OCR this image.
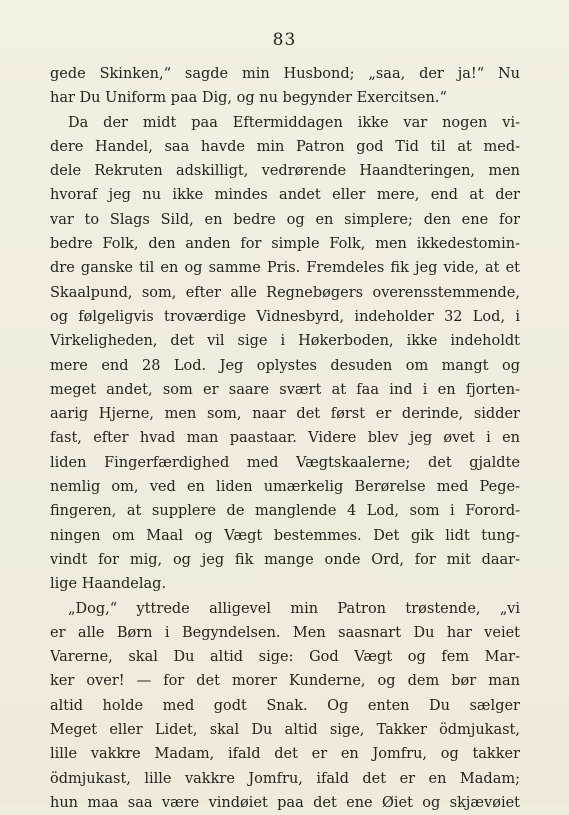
83
gede Skinken,“ sagde min Husbond; „saa, der ja!“ Nu
har Du Uniform paa Dig, og nu begynder Exercitsen.“
Da der midt paa Eftermiddagen ikke var nogen vi-
dere Handel, saa havde min Patron god Tid til at med-
dele Rekruten adskilligt, vedrørende Haandteringen, men
hvoraf jeg nu ikke mindes andet eller mere, end at der
var to Slags Sild, en bedre og en simplere; den ene for
bedre Folk, den anden for simple Folk, men ikkedestomin-
dre ganske til en og samme Pris. Fremdeles fik jeg vide, at et
Skaalpund, som, efter alle Regnebøgers overensstemmende,
og følgeligvis troværdige Vidnesbyrd, indeholder 32 Lod, i
Virkeligheden, det vil sige i Høkerboden, ikke indeholdt
mere end 28 Lod. Jeg oplystes desuden om mangt og
meget andet, som er saare svært at faa ind i en fjorten-
aarig Hjerne, men som, naar det først er derinde, sidder
fast, efter hvad man paastaar. Videre blev jeg øvet i en
liden Fingerfærdighed med Vægtskaalerne; det gjaldte
nemlig om, ved en liden umærkelig Berørelse med Pege-
fingeren, at supplere de manglende 4 Lod, som i Forord-
ningen om Maal og Vægt bestemmes. Det gik lidt tung-
vindt for mig, og jeg fik mange onde Ord, for mit daar-
lige Haandelag.
„Dog,“ yttrede alligevel min Patron trøstende, „vi
er alle Børn i Begyndelsen. Men saasnart Du har veiet
Varerne, skal Du altid sige: God Vægt og fem Mar-
ker over! — for det morer Kunderne, og dem bør man
altid holde med godt Snak. Og enten Du sælger
Meget eller Lidet, skal Du altid sige, Takker ödmjukast,
lille vakkre Madam, ifald det er en Jomfru, og takker
ödmjukast, lille vakkre Jomfru, ifald det er en Madam;
hun maa saa være vindøiet paa det ene Øiet og skjævøiet
